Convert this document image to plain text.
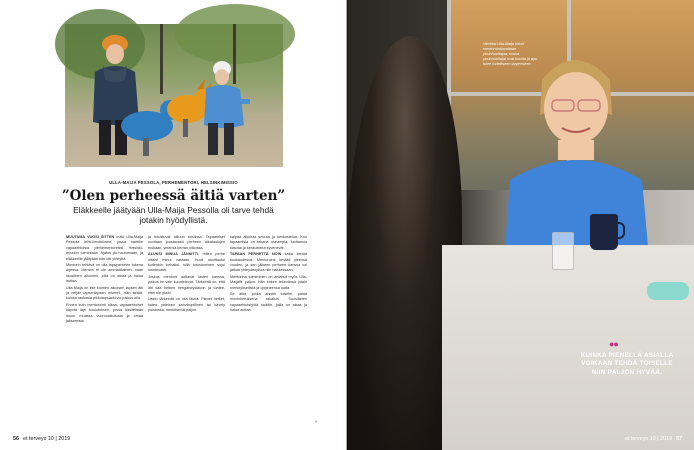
Ulla-Maija tapaa myös mentoriperheen äitiä esimerkiksi kahvilassa, leikkipuistossa tai ulkoilemassa.
ULLA-MAIJA PESSOLA, PERHEMENTORI, HELSINKIMISSIO
”Olen perheessä äitiä varten”

Eläkkeelle jäätyään Ulla-Maija Pessolla oli tarve tehdä jotakin hyödyllistä.

MUUTAMA VUOSI SITTEN mäki Ulla-Maija Pessola lehti-ilmoituksen, jossa haettiin vapaaehtoisia perhementoreiksi Helsinkimission toimintaan. Ajatus jäi hautumaan, ja eläkkeelle jäätyään hän otti yhteyttä.

Mentorin tehtävä on olla lapsiperheen tukena arjessa. Mentori ei ole ammattilainen, vaan tavallinen aikuinen, jolla on aikaa ja halua auttaa.

Ulla-Maija on itse kolmen aikuisen lapsen äiti ja neljän lapsenlapsen mummi. Hän tietää, kuinka raskasta pikkulapsiarki voi joskus olla.

Ennen kuin mentorointi alkaa, vapaaehtoiset käyvät läpi koulutuksen, jossa käsitellään muun muassa vuorovaikutusta ja omaa jaksamista.

ja tutustuvat alkuun toisiinsa. Tapaamiset sovitaan joustavasti perheen aikataulujen mukaan, yleensä kerran viikossa.

ALUKSI MINUA JÄNNITTI, miten perhe ottaisi minut vastaan. Huoli osoittautui kuitenkin turhaksi, sillä tutustuminen sujui luontevasti.

Joskus mentorit auttavat lasten kanssa, joskus he vain kuuntelevat. Tärkeintä on, että äiti saa hetken hengähdystauon ja tuntee, ettei ole yksin.

Usein tärkeintä on olla läsnä. Pienet hetket, kuten yhteinen kahvikupillinen tai kävely puistossa, merkitsevät paljon.

kaipaa aikuista seuraa ja keskustelua. Kun tapaamisia on takana useampia, luottamus kasvaa ja keskustelut syvenevät.

TAPAAN PERHETTÄ NOIN kaksi kertaa kuukaudessa. Mentorointi kestää yleensä vuoden, ja sen jälkeen perheen kanssa voi jatkaa yhteydenpitoa niin halutessaan.

Mentorina toimiminen on antanut myös Ulla-Maijalle paljon. Hän kokee tekevänsä jotain merkityksellistä ja oppineensa uutta.

Se aika, jonka annan toiselle, palaa moninkertaisena takaisin. Suosittelen vapaaehtoistyötä kaikille, joilla on aikaa ja halua auttaa.

»
56 et terveys 10 | 2019
Vimeksi Ulla-Maija toivoi mentorointiavaltaan yksinhuoltajaa, koska yksinhuoltajat ovat kovilla ja apu tulee todelliseen tarpeeseen.
●●

KUINKA PIENELLÄ ASIALLA VOIKAAN TEHDÄ TOISELLE NIIN PALJON HYVÄÄ.

et terveys 10 | 2019 57
